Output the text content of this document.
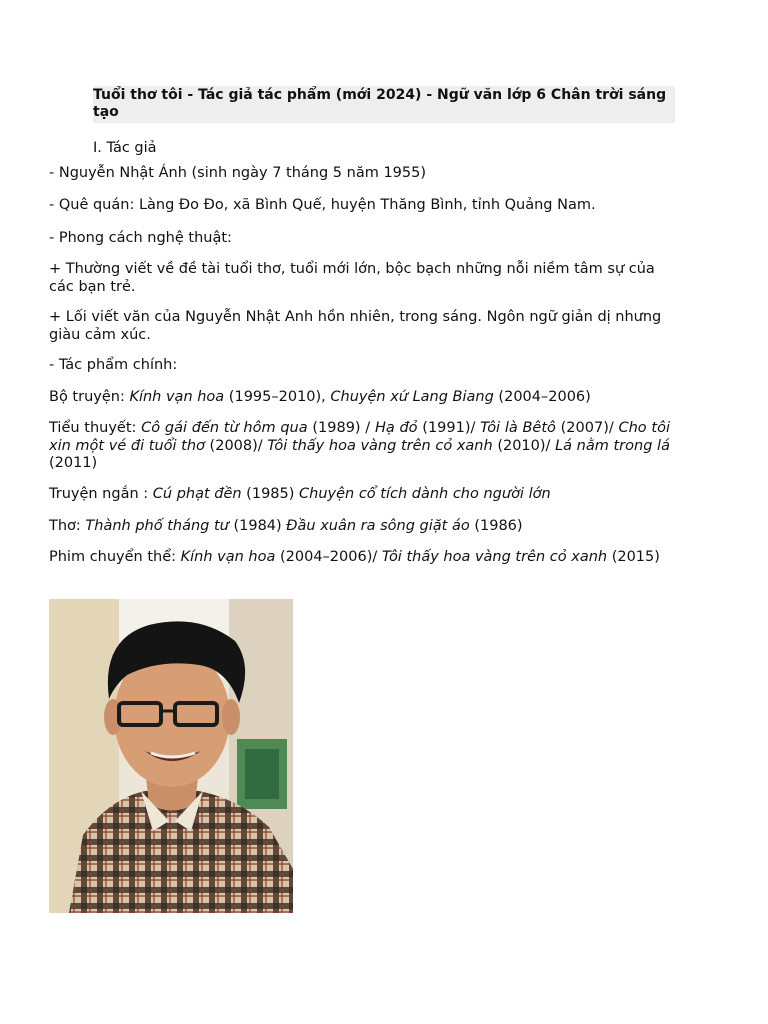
Tuổi thơ tôi - Tác giả tác phẩm (mới 2024) - Ngữ văn lớp 6 Chân trời sáng tạo
I. Tác giả
- Nguyễn Nhật Ánh (sinh ngày 7 tháng 5 năm 1955)
- Quê quán: Làng Đo Đo, xã Bình Quế, huyện Thăng Bình, tỉnh Quảng Nam.
- Phong cách nghệ thuật:
+ Thường viết về đề tài tuổi thơ, tuổi mới lớn, bộc bạch những nỗi niềm tâm sự của các bạn trẻ.
+ Lối viết văn của Nguyễn Nhật Anh hồn nhiên, trong sáng. Ngôn ngữ giản dị nhưng giàu cảm xúc.
- Tác phẩm chính:
Bộ truyện: Kính vạn hoa (1995–2010), Chuyện xứ Lang Biang (2004–2006)
Tiểu thuyết: Cô gái đến từ hôm qua (1989) / Hạ đỏ (1991)/ Tôi là Bêtô (2007)/ Cho tôi xin một vé đi tuổi thơ (2008)/ Tôi thấy hoa vàng trên cỏ xanh (2010)/ Lá nằm trong lá (2011)
Truyện ngắn : Cú phạt đền (1985) Chuyện cổ tích dành cho người lớn
Thơ: Thành phố tháng tư (1984) Đầu xuân ra sông giặt áo (1986)
Phim chuyển thể: Kính vạn hoa (2004–2006)/ Tôi thấy hoa vàng trên cỏ xanh (2015)
